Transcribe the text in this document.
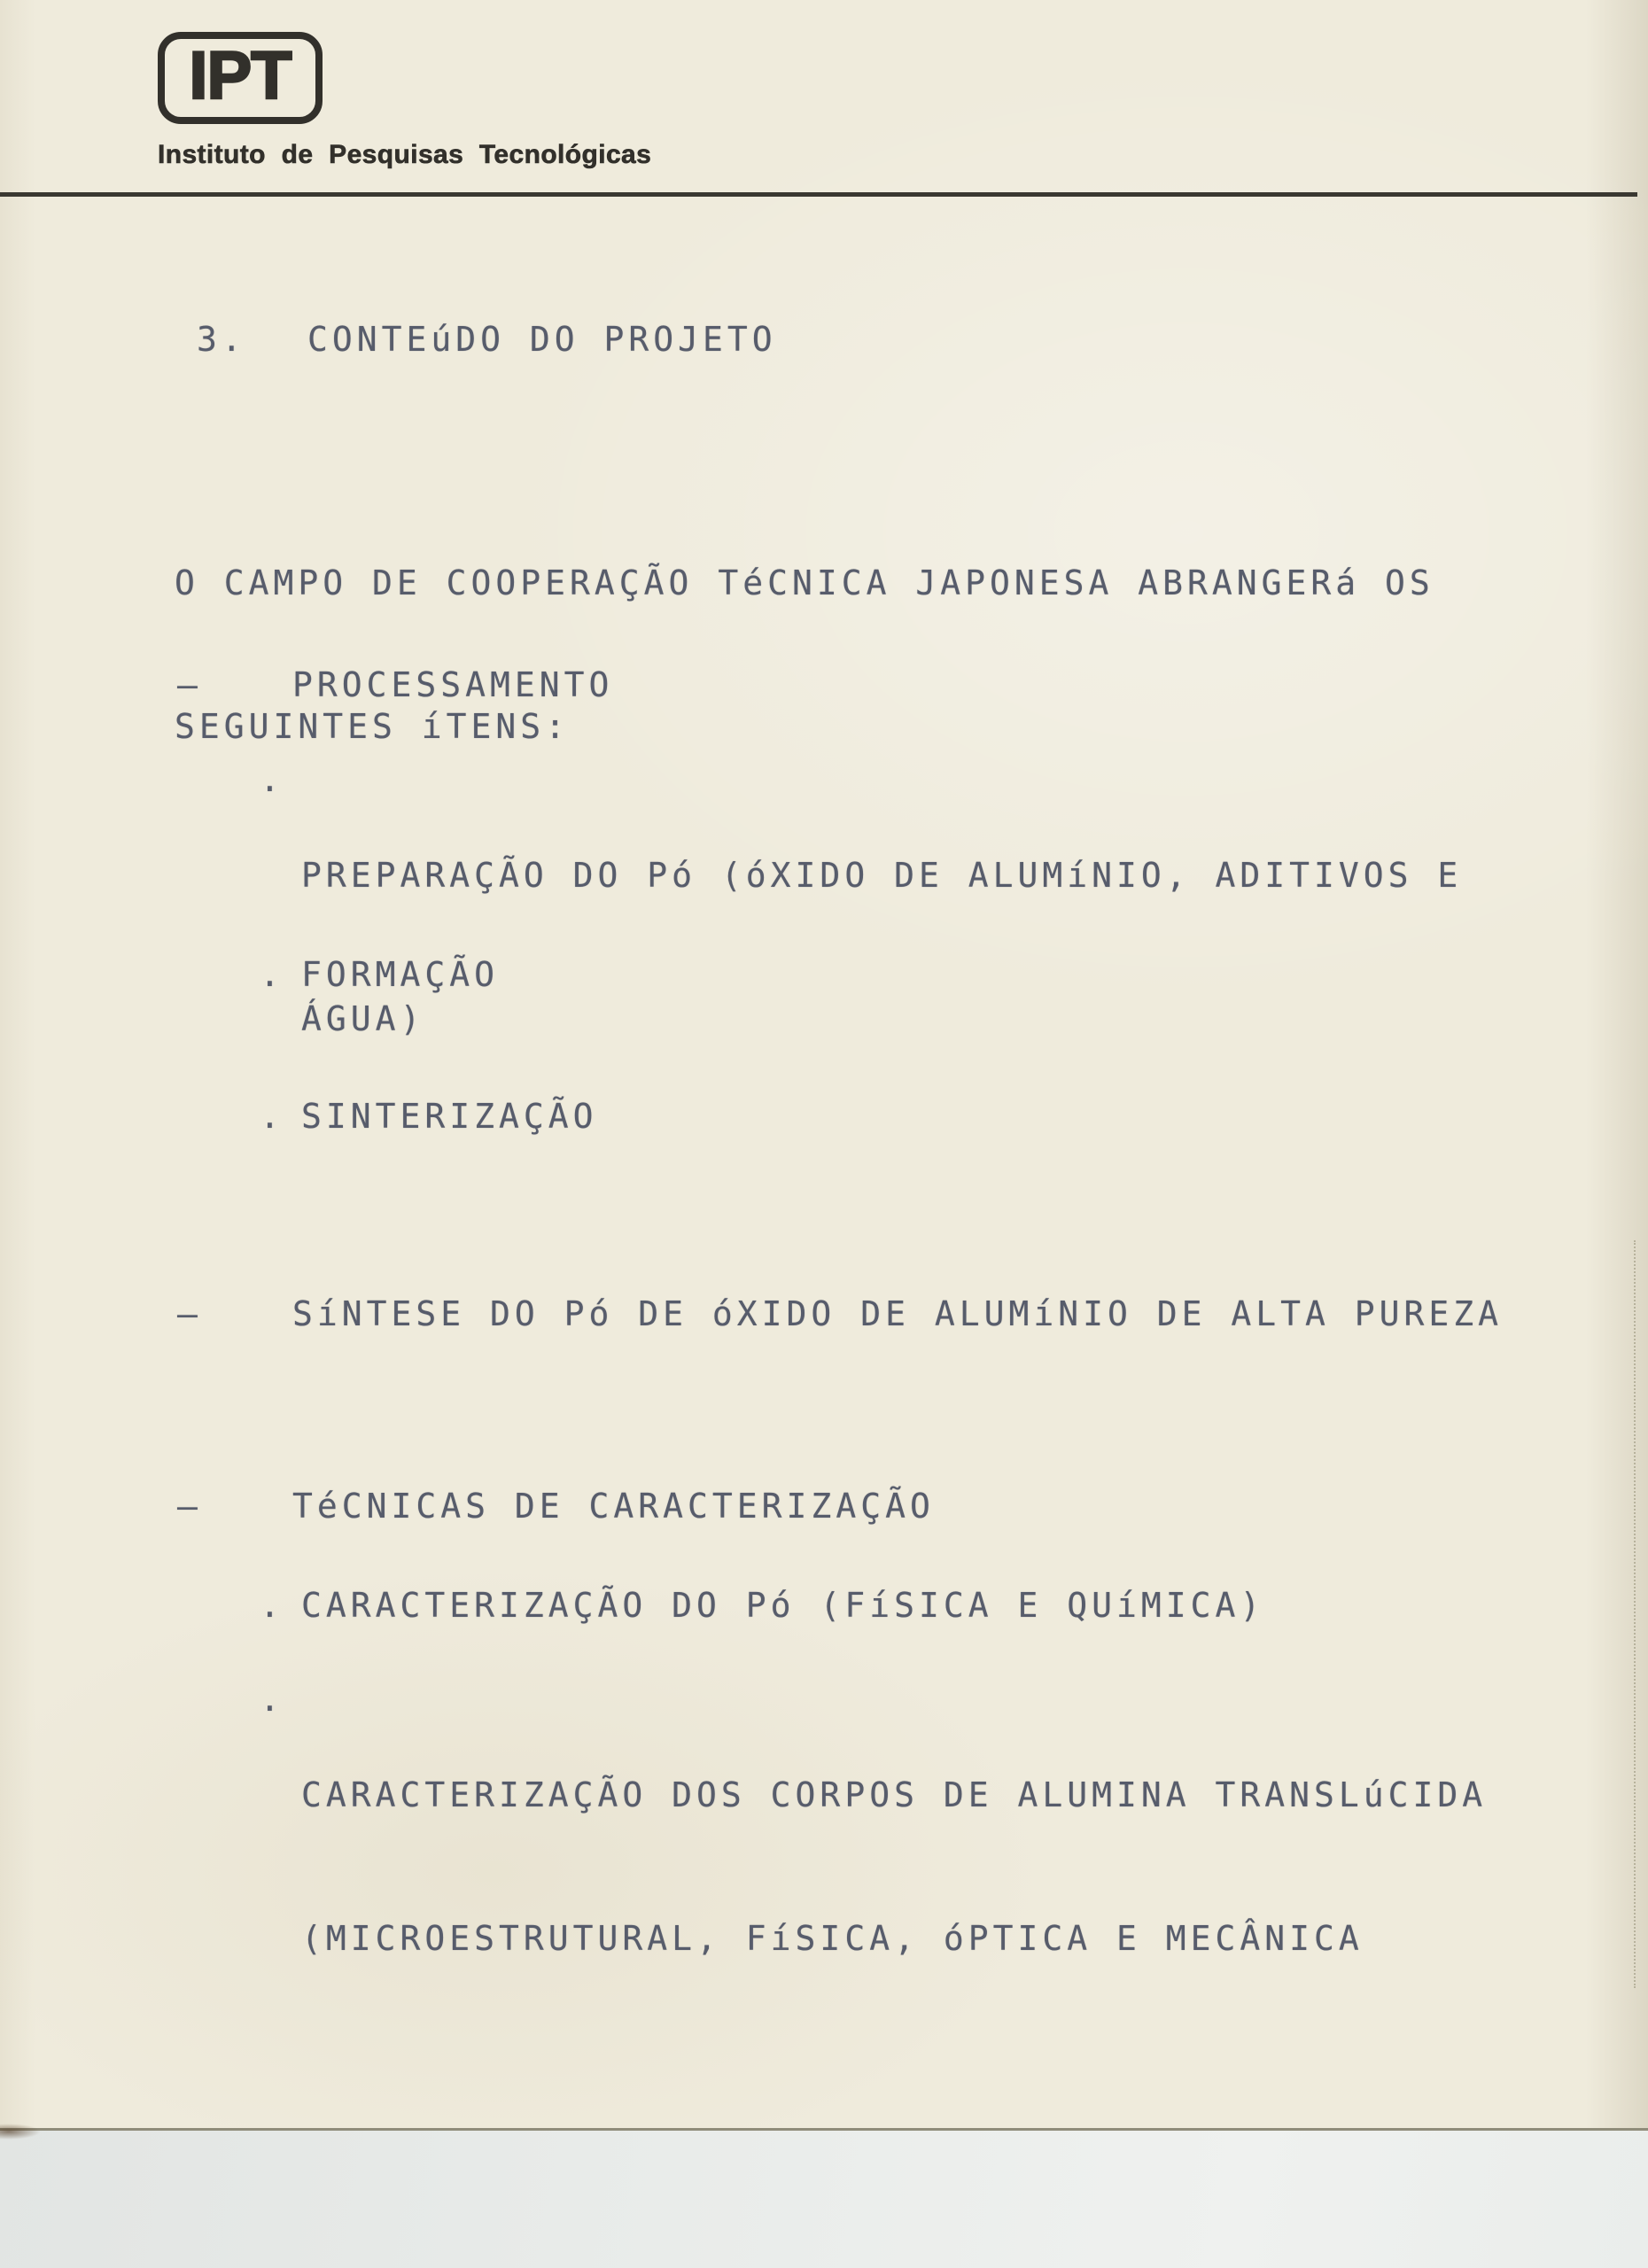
IPT
Instituto de Pesquisas Tecnológicas
3. CONTEúDO DO PROJETO

O CAMPO DE COOPERAÇÃO TéCNICA JAPONESA ABRANGERá OS

SEGUINTES íTENS:

—	PROCESSAMENTO
.

PREPARAÇÃO DO Pó (óXIDO DE ALUMíNIO, ADITIVOS E

ÁGUA)

. FORMAÇÃO
. SINTERIZAÇÃO
—	SíNTESE DO Pó DE óXIDO DE ALUMíNIO DE ALTA PUREZA
—	TéCNICAS DE CARACTERIZAÇÃO
. CARACTERIZAÇÃO DO Pó (FíSICA E QUíMICA)
.

CARACTERIZAÇÃO DOS CORPOS DE ALUMINA TRANSLúCIDA

(MICROESTRUTURAL, FíSICA, óPTICA E MECÂNICA
